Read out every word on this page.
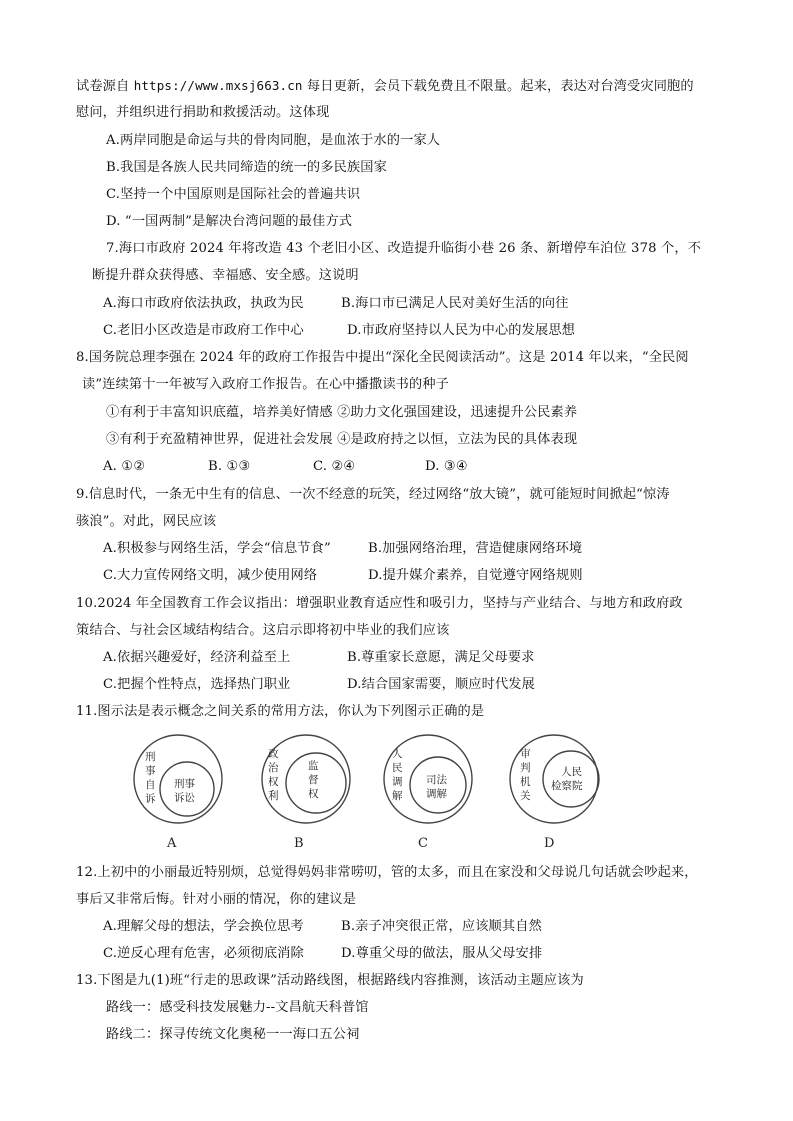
试卷源自 https://www.mxsj663.cn 每日更新，会员下载免费且不限量。起来，表达对台湾受灾同胞的
慰问，并组织进行捐助和救援活动。这体现
A.两岸同胞是命运与共的骨肉同胞，是血浓于水的一家人
B.我国是各族人民共同缔造的统一的多民族国家
C.坚持一个中国原则是国际社会的普遍共识
D. “一国两制”是解决台湾问题的最佳方式
7.海口市政府 2024 年将改造 43 个老旧小区、改造提升临街小巷 26 条、新增停车泊位 378 个，不
断提升群众获得感、幸福感、安全感。这说明
A.海口市政府依法执政，执政为民	B.海口市已满足人民对美好生活的向往
C.老旧小区改造是市政府工作中心	D.市政府坚持以人民为中心的发展思想
8.国务院总理李强在 2024 年的政府工作报告中提出“深化全民阅读活动”。这是 2014 年以来，“全民阅
读”连续第十一年被写入政府工作报告。在心中播撒读书的种子
①有利于丰富知识底蕴，培养美好情感 ②助力文化强国建设，迅速提升公民素养
③有利于充盈精神世界，促进社会发展 ④是政府持之以恒，立法为民的具体表现
A. ①②	B. ①③	C. ②④	D. ③④
9.信息时代，一条无中生有的信息、一次不经意的玩笑，经过网络“放大镜”，就可能短时间掀起“惊涛
骇浪”。对此，网民应该
A.积极参与网络生活，学会“信息节食”	B.加强网络治理，营造健康网络环境
C.大力宣传网络文明，减少使用网络	D.提升媒介素养，自觉遵守网络规则
10.2024 年全国教育工作会议指出：增强职业教育适应性和吸引力，坚持与产业结合、与地方和政府政
策结合、与社会区域结构结合。这启示即将初中毕业的我们应该
A.依据兴趣爱好，经济利益至上	B.尊重家长意愿，满足父母要求
C.把握个性特点，选择热门职业	D.结合国家需要，顺应时代发展
11.图示法是表示概念之间关系的常用方法，你认为下列图示正确的是
刑事自诉
刑事诉讼
A
政治权利
监督权
B
人民调解
司法调解
C
审判机关
人民检察院
D
12.上初中的小丽最近特别烦，总觉得妈妈非常唠叨，管的太多，而且在家没和父母说几句话就会吵起来，
事后又非常后悔。针对小丽的情况，你的建议是
A.理解父母的想法，学会换位思考	B.亲子冲突很正常，应该顺其自然
C.逆反心理有危害，必须彻底消除	D.尊重父母的做法，服从父母安排
13.下图是九(1)班“行走的思政课”活动路线图，根据路线内容推测，该活动主题应该为
路线一：感受科技发展魅力--文昌航天科普馆
路线二：探寻传统文化奥秘一一海口五公祠
